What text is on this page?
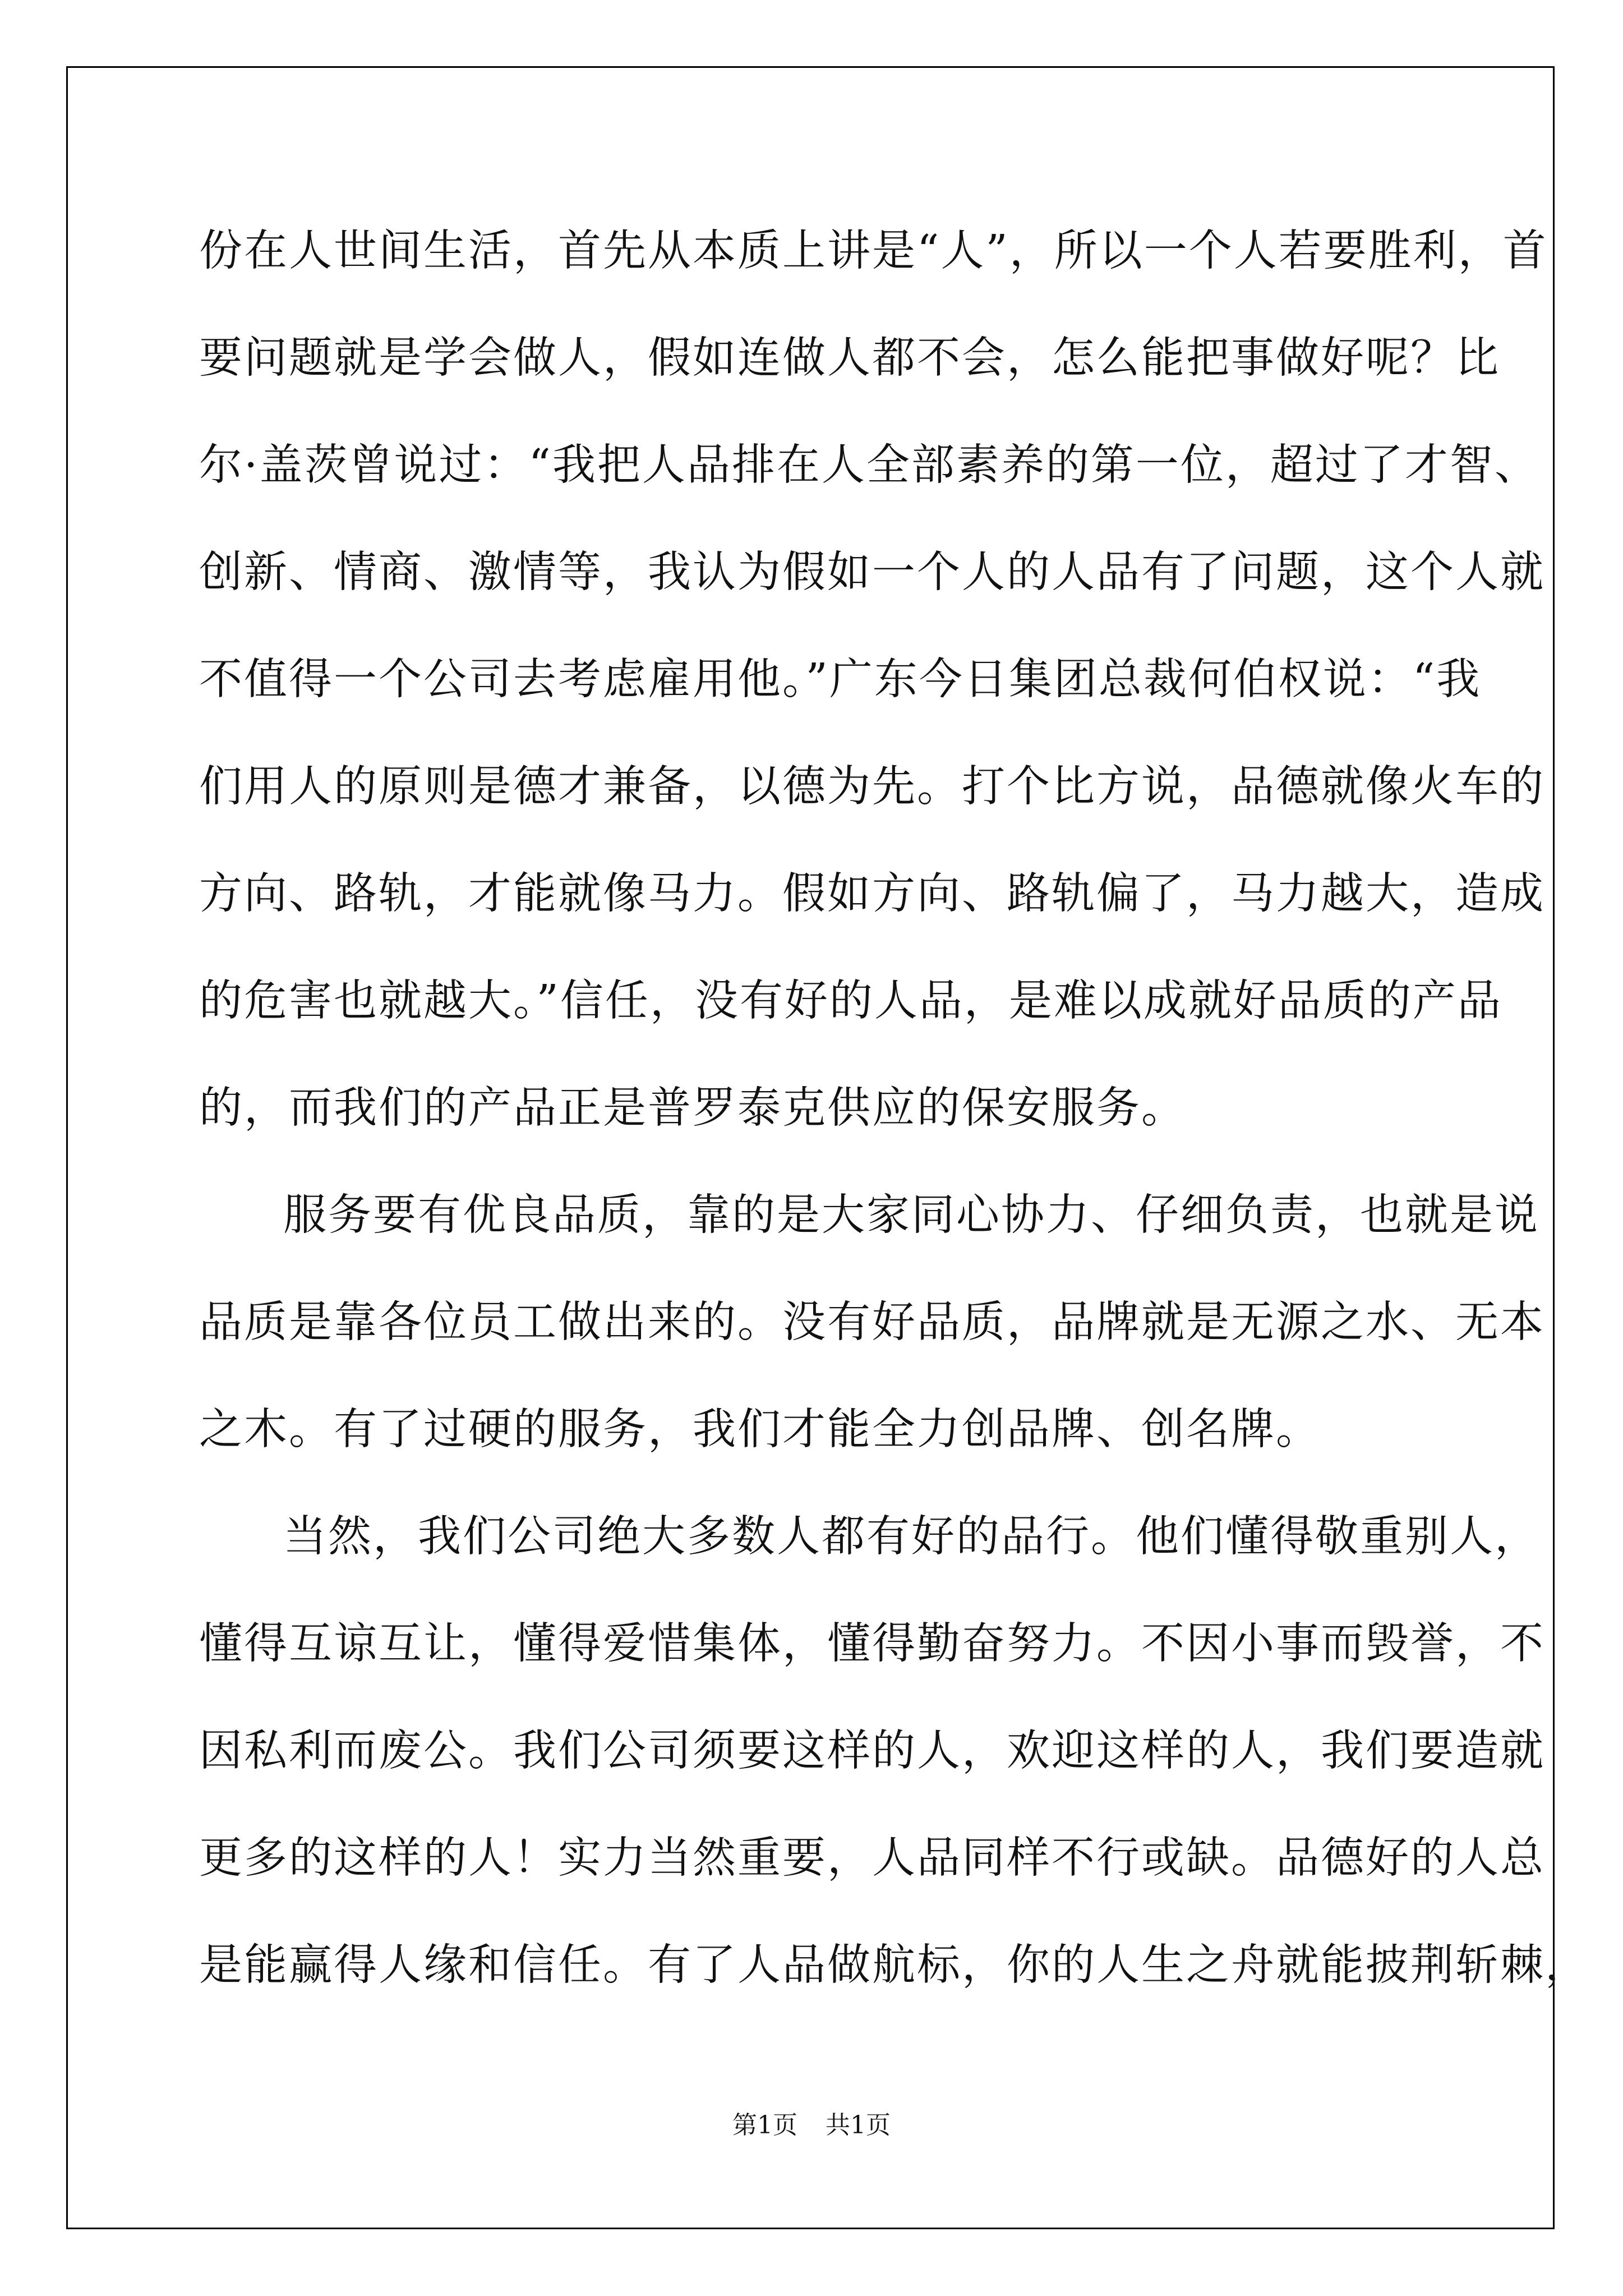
份在人世间生活，首先从本质上讲是“人”，所以一个人若要胜利，首
要问题就是学会做人，假如连做人都不会，怎么能把事做好呢？比
尔·盖茨曾说过：“我把人品排在人全部素养的第一位，超过了才智、
创新、情商、激情等，我认为假如一个人的人品有了问题，这个人就
不值得一个公司去考虑雇用他。”广东今日集团总裁何伯权说：“我
们用人的原则是德才兼备，以德为先。打个比方说，品德就像火车的
方向、路轨，才能就像马力。假如方向、路轨偏了，马力越大，造成
的危害也就越大。”信任，没有好的人品，是难以成就好品质的产品
的，而我们的产品正是普罗泰克供应的保安服务。
服务要有优良品质，靠的是大家同心协力、仔细负责，也就是说
品质是靠各位员工做出来的。没有好品质，品牌就是无源之水、无本
之木。有了过硬的服务，我们才能全力创品牌、创名牌。
当然，我们公司绝大多数人都有好的品行。他们懂得敬重别人，
懂得互谅互让，懂得爱惜集体，懂得勤奋努力。不因小事而毁誉，不
因私利而废公。我们公司须要这样的人，欢迎这样的人，我们要造就
更多的这样的人！实力当然重要，人品同样不行或缺。品德好的人总
是能赢得人缘和信任。有了人品做航标，你的人生之舟就能披荆斩棘，
第1页 共1页
